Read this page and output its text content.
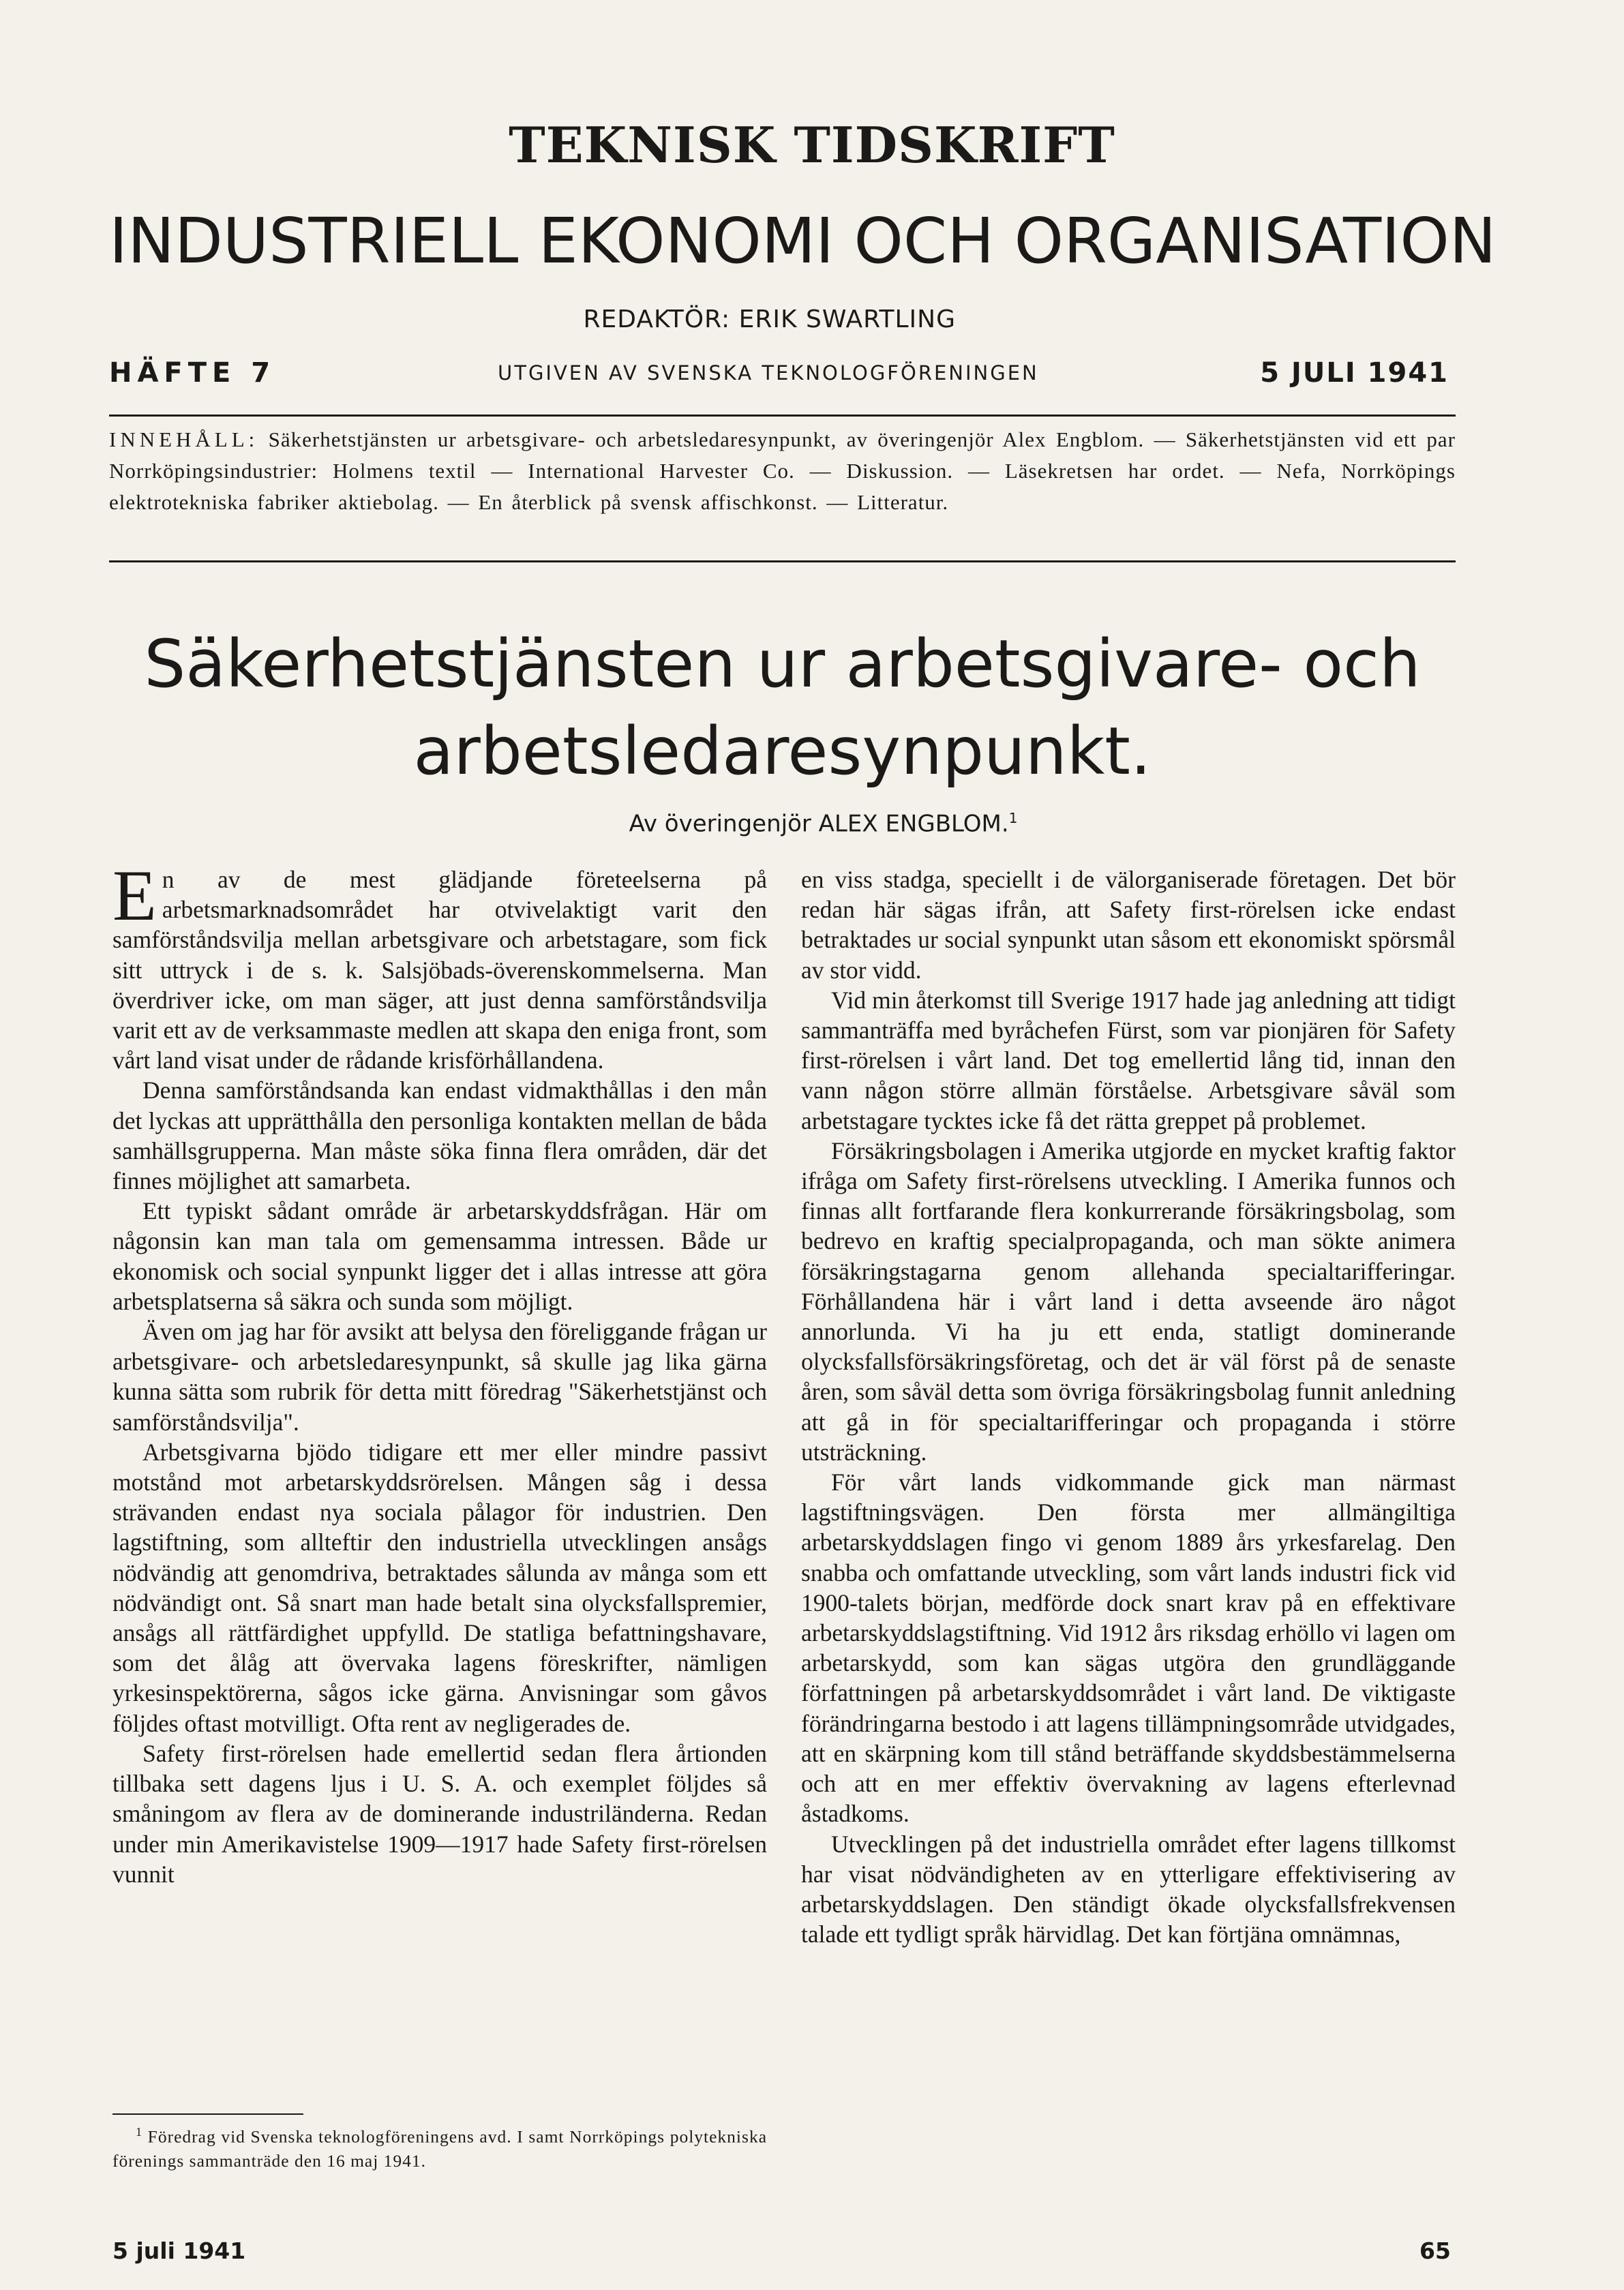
TEKNISK TIDSKRIFT
INDUSTRIELL EKONOMI OCH ORGANISATION
REDAKTÖR: ERIK SWARTLING
HÄFTE 7	UTGIVEN AV SVENSKA TEKNOLOGFÖRENINGEN	5 JULI 1941
INNEHÅLL: Säkerhetstjänsten ur arbetsgivare- och arbetsledaresynpunkt, av överingenjör Alex Engblom. — Säkerhetstjänsten vid ett par Norrköpingsindustrier: Holmens textil — International Harvester Co. — Diskussion. — Läsekretsen har ordet. — Nefa, Norrköpings elektrotekniska fabriker aktiebolag. — En återblick på svensk affischkonst. — Litteratur.
Säkerhetstjänsten ur arbetsgivare- och
arbetsledaresynpunkt.
Av överingenjör ALEX ENGBLOM.$^1$

En av de mest glädjande företeelserna på arbetsmarknadsområdet har otvivelaktigt varit den samförståndsvilja mellan arbetsgivare och arbetstagare, som fick sitt uttryck i de s. k. Salsjöbads-överenskommelserna. Man överdriver icke, om man säger, att just denna samförståndsvilja varit ett av de verksammaste medlen att skapa den eniga front, som vårt land visat under de rådande krisförhållandena.

Denna samförståndsanda kan endast vidmakthållas i den mån det lyckas att upprätthålla den personliga kontakten mellan de båda samhällsgrupperna. Man måste söka finna flera områden, där det finnes möjlighet att samarbeta.

Ett typiskt sådant område är arbetarskyddsfrågan. Här om någonsin kan man tala om gemensamma intressen. Både ur ekonomisk och social synpunkt ligger det i allas intresse att göra arbetsplatserna så säkra och sunda som möjligt.

Även om jag har för avsikt att belysa den föreliggande frågan ur arbetsgivare- och arbetsledaresynpunkt, så skulle jag lika gärna kunna sätta som rubrik för detta mitt föredrag "Säkerhetstjänst och samförståndsvilja".

Arbetsgivarna bjödo tidigare ett mer eller mindre passivt motstånd mot arbetarskyddsrörelsen. Mången såg i dessa strävanden endast nya sociala pålagor för industrien. Den lagstiftning, som allteftir den industriella utvecklingen ansågs nödvändig att genomdriva, betraktades sålunda av många som ett nödvändigt ont. Så snart man hade betalt sina olycksfallspremier, ansågs all rättfärdighet uppfylld. De statliga befattningshavare, som det ålåg att övervaka lagens föreskrifter, nämligen yrkesinspektörerna, sågos icke gärna. Anvisningar som gåvos följdes oftast motvilligt. Ofta rent av negligerades de.

Safety first-rörelsen hade emellertid sedan flera årtionden tillbaka sett dagens ljus i U. S. A. och exemplet följdes så småningom av flera av de dominerande industriländerna. Redan under min Amerikavistelse 1909—1917 hade Safety first-rörelsen vunnit

en viss stadga, speciellt i de välorganiserade företagen. Det bör redan här sägas ifrån, att Safety first-rörelsen icke endast betraktades ur social synpunkt utan såsom ett ekonomiskt spörsmål av stor vidd.

Vid min återkomst till Sverige 1917 hade jag anledning att tidigt sammanträffa med byråchefen Fürst, som var pionjären för Safety first-rörelsen i vårt land. Det tog emellertid lång tid, innan den vann någon större allmän förståelse. Arbetsgivare såväl som arbetstagare tycktes icke få det rätta greppet på problemet.

Försäkringsbolagen i Amerika utgjorde en mycket kraftig faktor ifråga om Safety first-rörelsens utveckling. I Amerika funnos och finnas allt fortfarande flera konkurrerande försäkringsbolag, som bedrevo en kraftig specialpropaganda, och man sökte animera försäkringstagarna genom allehanda specialtarifferingar. Förhållandena här i vårt land i detta avseende äro något annorlunda. Vi ha ju ett enda, statligt dominerande olycksfallsförsäkringsföretag, och det är väl först på de senaste åren, som såväl detta som övriga försäkringsbolag funnit anledning att gå in för specialtarifferingar och propaganda i större utsträckning.

För vårt lands vidkommande gick man närmast lagstiftningsvägen. Den första mer allmängiltiga arbetarskyddslagen fingo vi genom 1889 års yrkesfarelag. Den snabba och omfattande utveckling, som vårt lands industri fick vid 1900-talets början, medförde dock snart krav på en effektivare arbetarskyddslagstiftning. Vid 1912 års riksdag erhöllo vi lagen om arbetarskydd, som kan sägas utgöra den grundläggande författningen på arbetarskyddsområdet i vårt land. De viktigaste förändringarna bestodo i att lagens tillämpningsområde utvidgades, att en skärpning kom till stånd beträffande skyddsbestämmelserna och att en mer effektiv övervakning av lagens efterlevnad åstadkoms.

Utvecklingen på det industriella området efter lagens tillkomst har visat nödvändigheten av en ytterligare effektivisering av arbetarskyddslagen. Den ständigt ökade olycksfallsfrekvensen talade ett tydligt språk härvidlag. Det kan förtjäna omnämnas,

$^1$ Föredrag vid Svenska teknologföreningens avd. I samt Norrköpings polytekniska förenings sammanträde den 16 maj 1941.

5 juli 1941	65
